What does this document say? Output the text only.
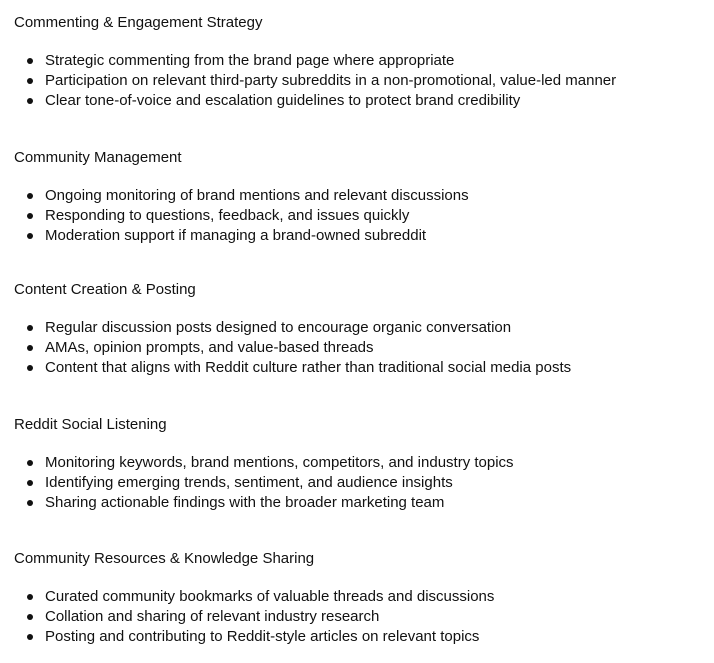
Commenting & Engagement Strategy
Strategic commenting from the brand page where appropriate
Participation on relevant third-party subreddits in a non-promotional, value-led manner
Clear tone-of-voice and escalation guidelines to protect brand credibility
Community Management
Ongoing monitoring of brand mentions and relevant discussions
Responding to questions, feedback, and issues quickly
Moderation support if managing a brand-owned subreddit
Content Creation & Posting
Regular discussion posts designed to encourage organic conversation
AMAs, opinion prompts, and value-based threads
Content that aligns with Reddit culture rather than traditional social media posts
Reddit Social Listening
Monitoring keywords, brand mentions, competitors, and industry topics
Identifying emerging trends, sentiment, and audience insights
Sharing actionable findings with the broader marketing team
Community Resources & Knowledge Sharing
Curated community bookmarks of valuable threads and discussions
Collation and sharing of relevant industry research
Posting and contributing to Reddit-style articles on relevant topics
